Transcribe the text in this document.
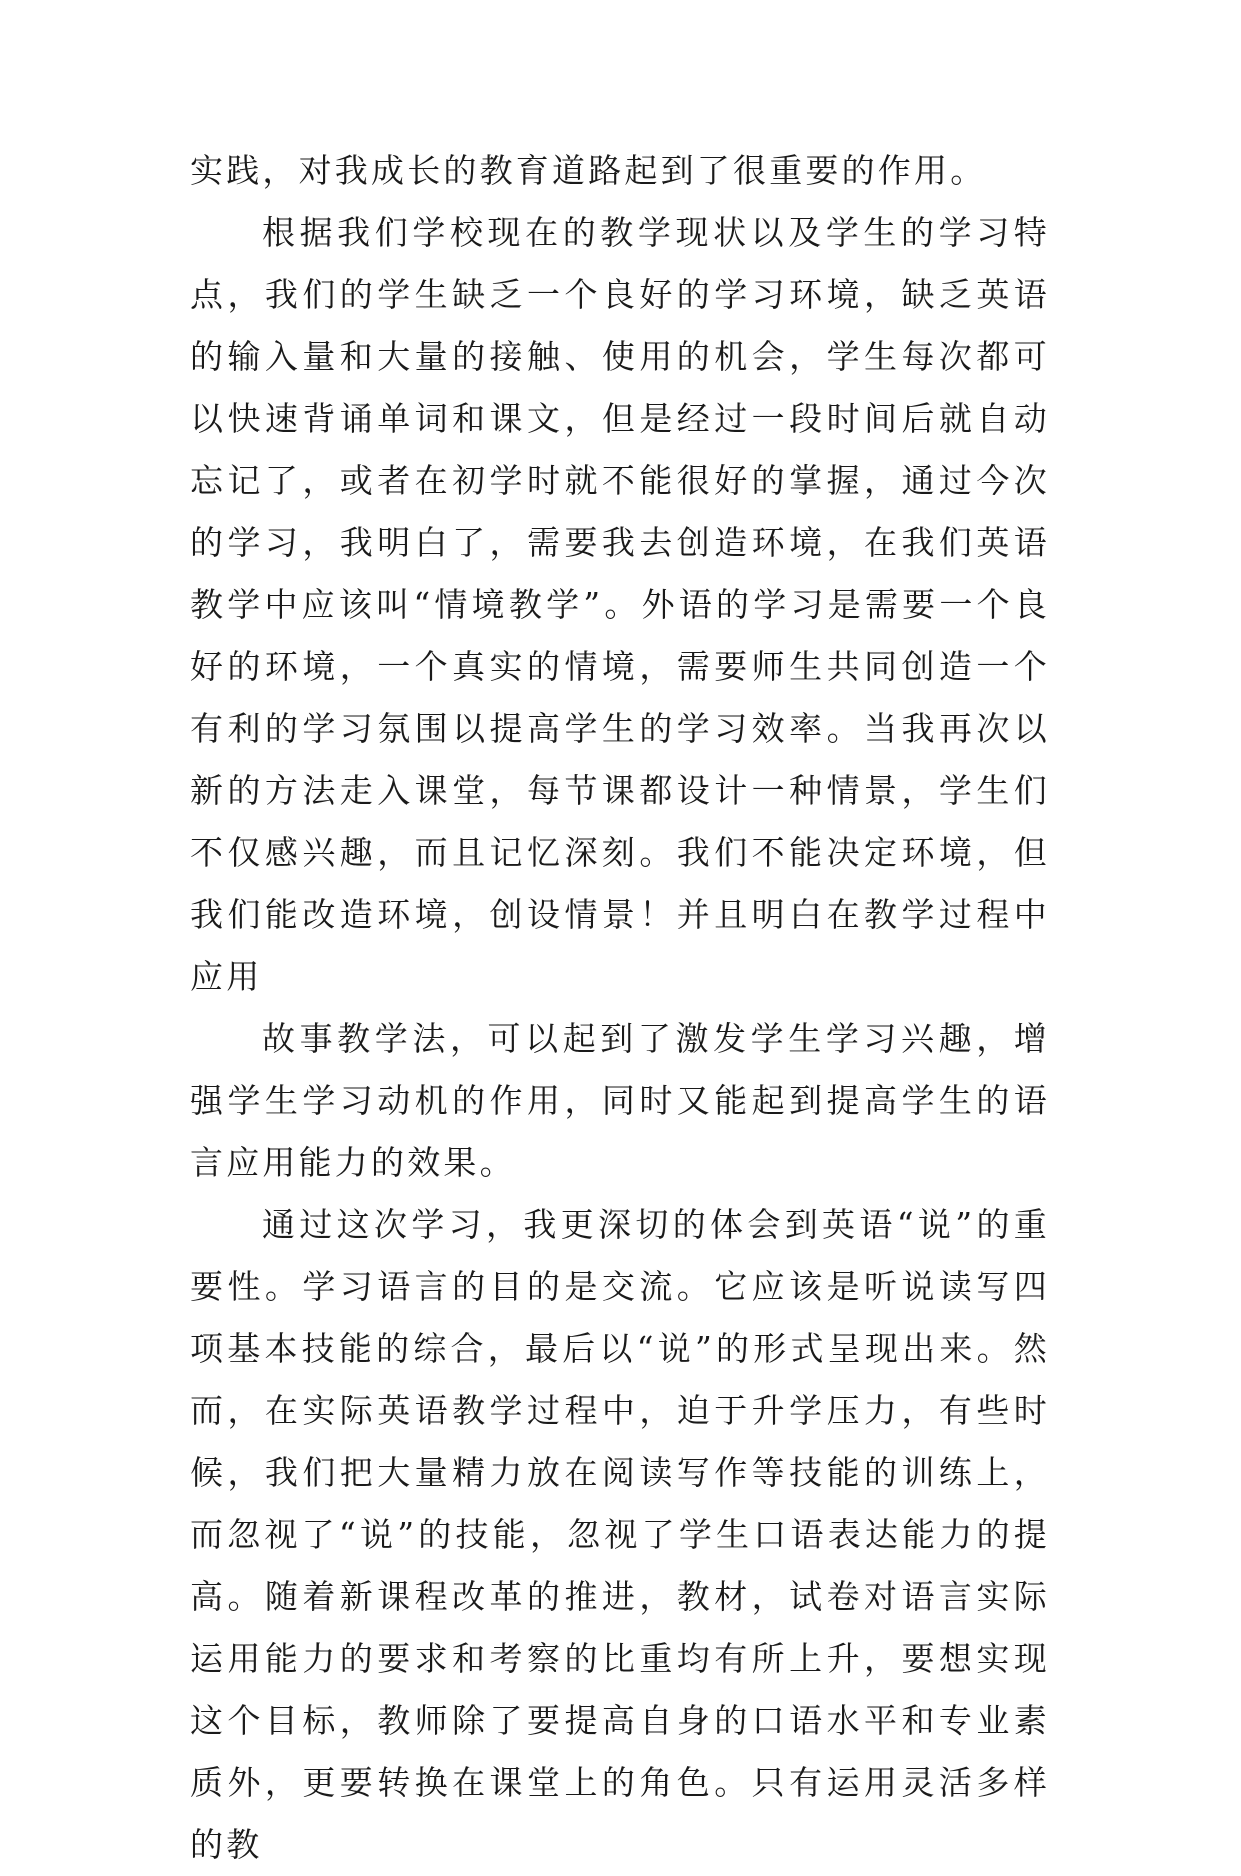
实践，对我成长的教育道路起到了很重要的作用。

根据我们学校现在的教学现状以及学生的学习特点，我们的学生缺乏一个良好的学习环境，缺乏英语的输入量和大量的接触、使用的机会，学生每次都可以快速背诵单词和课文，但是经过一段时间后就自动忘记了，或者在初学时就不能很好的掌握，通过今次的学习，我明白了，需要我去创造环境，在我们英语教学中应该叫“情境教学”。外语的学习是需要一个良好的环境，一个真实的情境，需要师生共同创造一个有利的学习氛围以提高学生的学习效率。当我再次以新的方法走入课堂，每节课都设计一种情景，学生们不仅感兴趣，而且记忆深刻。我们不能决定环境，但我们能改造环境，创设情景！并且明白在教学过程中应用

故事教学法，可以起到了激发学生学习兴趣，增强学生学习动机的作用，同时又能起到提高学生的语言应用能力的效果。

通过这次学习，我更深切的体会到英语“说”的重要性。学习语言的目的是交流。它应该是听说读写四项基本技能的综合，最后以“说”的形式呈现出来。然而，在实际英语教学过程中，迫于升学压力，有些时候，我们把大量精力放在阅读写作等技能的训练上，而忽视了“说”的技能，忽视了学生口语表达能力的提高。随着新课程改革的推进，教材，试卷对语言实际运用能力的要求和考察的比重均有所上升，要想实现这个目标，教师除了要提高自身的口语水平和专业素质外，更要转换在课堂上的角色。只有运用灵活多样的教
